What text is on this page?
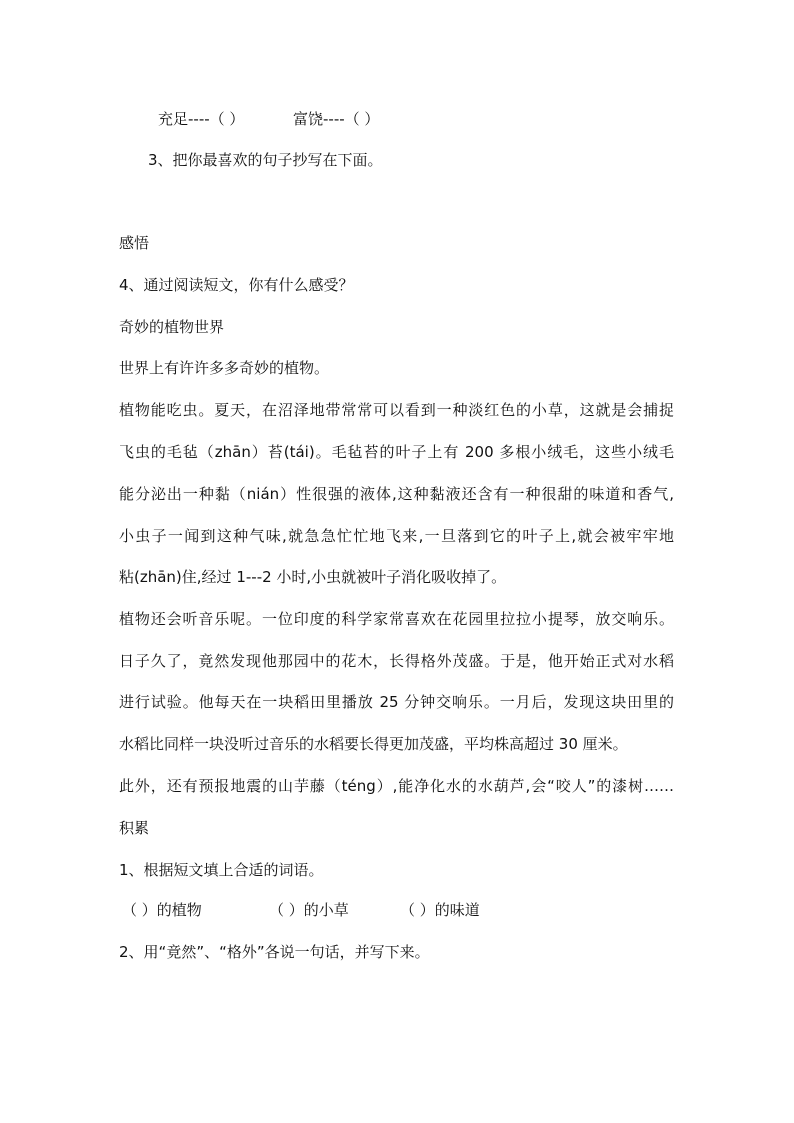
充足----（ ）	富饶----（ ）
3、把你最喜欢的句子抄写在下面。
感悟
4、通过阅读短文，你有什么感受？
奇妙的植物世界
世界上有许许多多奇妙的植物。
植物能吃虫。夏天，在沼泽地带常常可以看到一种淡红色的小草，这就是会捕捉
飞虫的毛毡（zhān）苔(tái)。毛毡苔的叶子上有 200 多根小绒毛，这些小绒毛
能分泌出一种黏（nián）性很强的液体,这种黏液还含有一种很甜的味道和香气,
小虫子一闻到这种气味,就急急忙忙地飞来,一旦落到它的叶子上,就会被牢牢地
粘(zhān)住,经过 1---2 小时,小虫就被叶子消化吸收掉了。
植物还会听音乐呢。一位印度的科学家常喜欢在花园里拉拉小提琴，放交响乐。
日子久了，竟然发现他那园中的花木，长得格外茂盛。于是，他开始正式对水稻
进行试验。他每天在一块稻田里播放 25 分钟交响乐。一月后，发现这块田里的
水稻比同样一块没听过音乐的水稻要长得更加茂盛，平均株高超过 30 厘米。
此外，还有预报地震的山芋藤（téng）,能净化水的水葫芦,会“咬人”的漆树……
积累
1、根据短文填上合适的词语。
（ ）的植物	（ ）的小草	（ ）的味道
2、用“竟然”、“格外”各说一句话，并写下来。
